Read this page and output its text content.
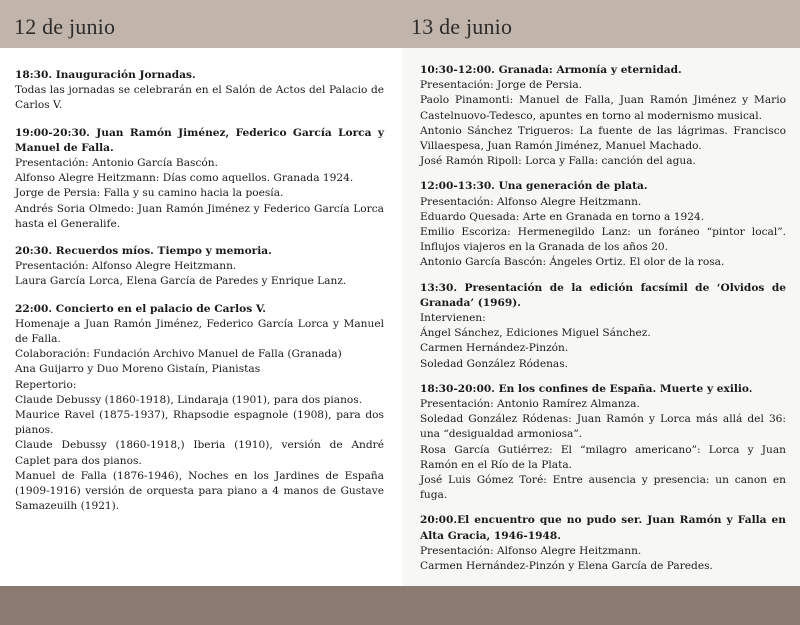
12 de junio
18:30. Inauguración Jornadas.
Todas las jornadas se celebrarán en el Salón de Actos del Palacio de Carlos V.
19:00-20:30. Juan Ramón Jiménez, Federico García Lorca y Manuel de Falla.
Presentación: Antonio García Bascón.
Alfonso Alegre Heitzmann: Días como aquellos. Granada 1924.
Jorge de Persia: Falla y su camino hacia la poesía.
Andrés Soria Olmedo: Juan Ramón Jiménez y Federico García Lorca hasta el Generalife.
20:30. Recuerdos míos. Tiempo y memoria.
Presentación: Alfonso Alegre Heitzmann.
Laura García Lorca, Elena García de Paredes y Enrique Lanz.
22:00. Concierto en el palacio de Carlos V.
Homenaje a Juan Ramón Jiménez, Federico García Lorca y Manuel de Falla.
Colaboración: Fundación Archivo Manuel de Falla (Granada)
Ana Guijarro y Duo Moreno Gistaín, Pianistas
Repertorio:
Claude Debussy (1860-1918), Lindaraja (1901), para dos pianos.
Maurice Ravel (1875-1937), Rhapsodie espagnole (1908), para dos pianos.
Claude Debussy (1860-1918,) Iberia (1910), versión de André Caplet para dos pianos.
Manuel de Falla (1876-1946), Noches en los Jardines de España (1909-1916) versión de orquesta para piano a 4 manos de Gustave Samazeuilh (1921).
13 de junio
10:30-12:00. Granada: Armonía y eternidad.
Presentación: Jorge de Persia.
Paolo Pinamonti: Manuel de Falla, Juan Ramón Jiménez y Mario Castelnuovo-Tedesco, apuntes en torno al modernismo musical.
Antonio Sánchez Trigueros: La fuente de las lágrimas. Francisco Villaespesa, Juan Ramón Jiménez, Manuel Machado.
José Ramón Ripoll: Lorca y Falla: canción del agua.
12:00-13:30. Una generación de plata.
Presentación: Alfonso Alegre Heitzmann.
Eduardo Quesada: Arte en Granada en torno a 1924.
Emilio Escoriza: Hermenegildo Lanz: un foráneo “pintor local”. Influjos viajeros en la Granada de los años 20.
Antonio García Bascón: Ángeles Ortiz. El olor de la rosa.
13:30. Presentación de la edición facsímil de ‘Olvidos de Granada’ (1969).
Intervienen:
Ángel Sánchez, Ediciones Miguel Sánchez.
Carmen Hernández-Pinzón.
Soledad González Ródenas.
18:30-20:00. En los confines de España. Muerte y exilio.
Presentación: Antonio Ramírez Almanza.
Soledad González Ródenas: Juan Ramón y Lorca más allá del 36: una “desigualdad armoniosa”.
Rosa García Gutiérrez: El “milagro americano”: Lorca y Juan Ramón en el Río de la Plata.
José Luis Gómez Toré: Entre ausencia y presencia: un canon en fuga.
20:00.El encuentro que no pudo ser. Juan Ramón y Falla en Alta Gracia, 1946-1948.
Presentación: Alfonso Alegre Heitzmann.
Carmen Hernández-Pinzón y Elena García de Paredes.
